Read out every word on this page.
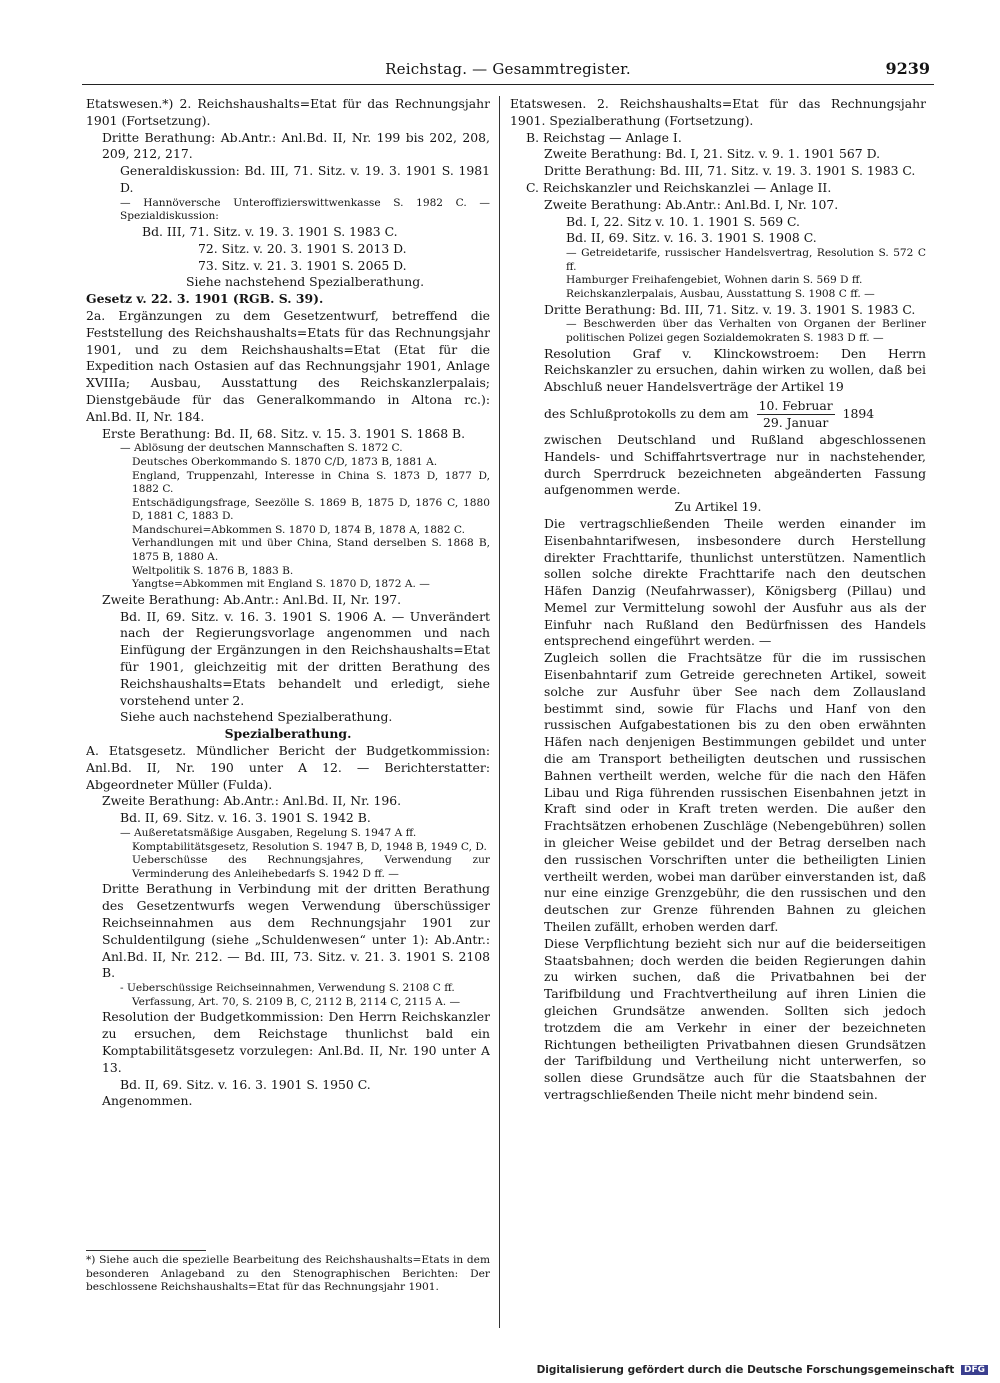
Reichstag. — Gesammtregister.	9239

Etatswesen.*) 2. Reichshaushalts=Etat für das Rechnungsjahr 1901 (Fortsetzung).

Dritte Berathung: Ab.Antr.: Anl.Bd. II, Nr. 199 bis 202, 208, 209, 212, 217.

Generaldiskussion: Bd. III, 71. Sitz. v. 19. 3. 1901 S. 1981 D.

— Hannöversche Unteroffizierswittwenkasse S. 1982 C. — Spezialdiskussion:

Bd. III, 71. Sitz. v. 19. 3. 1901 S. 1983 C.

72. Sitz. v. 20. 3. 1901 S. 2013 D.

73. Sitz. v. 21. 3. 1901 S. 2065 D.

Siehe nachstehend Spezialberathung.

Gesetz v. 22. 3. 1901 (RGB. S. 39).

2a. Ergänzungen zu dem Gesetzentwurf, betreffend die Feststellung des Reichshaushalts=Etats für das Rechnungsjahr 1901, und zu dem Reichshaushalts=Etat (Etat für die Expedition nach Ostasien auf das Rechnungsjahr 1901, Anlage XVIIIa; Ausbau, Ausstattung des Reichskanzlerpalais; Dienstgebäude für das Generalkommando in Altona rc.): Anl.Bd. II, Nr. 184.

Erste Berathung: Bd. II, 68. Sitz. v. 15. 3. 1901 S. 1868 B.

— Ablösung der deutschen Mannschaften S. 1872 C.

Deutsches Oberkommando S. 1870 C/D, 1873 B, 1881 A.

England, Truppenzahl, Interesse in China S. 1873 D, 1877 D, 1882 C.

Entschädigungsfrage, Seezölle S. 1869 B, 1875 D, 1876 C, 1880 D, 1881 C, 1883 D.

Mandschurei=Abkommen S. 1870 D, 1874 B, 1878 A, 1882 C.

Verhandlungen mit und über China, Stand derselben S. 1868 B, 1875 B, 1880 A.

Weltpolitik S. 1876 B, 1883 B.

Yangtse=Abkommen mit England S. 1870 D, 1872 A. —

Zweite Berathung: Ab.Antr.: Anl.Bd. II, Nr. 197.

Bd. II, 69. Sitz. v. 16. 3. 1901 S. 1906 A. — Unverändert nach der Regierungsvorlage angenommen und nach Einfügung der Ergänzungen in den Reichshaushalts=Etat für 1901, gleichzeitig mit der dritten Berathung des Reichshaushalts=Etats behandelt und erledigt, siehe vorstehend unter 2.

Siehe auch nachstehend Spezialberathung.

Spezialberathung.

A. Etatsgesetz. Mündlicher Bericht der Budgetkommission: Anl.Bd. II, Nr. 190 unter A 12. — Berichterstatter: Abgeordneter Müller (Fulda).

Zweite Berathung: Ab.Antr.: Anl.Bd. II, Nr. 196.

Bd. II, 69. Sitz. v. 16. 3. 1901 S. 1942 B.

— Außeretatsmäßige Ausgaben, Regelung S. 1947 A ff.

Komptabilitätsgesetz, Resolution S. 1947 B, D, 1948 B, 1949 C, D.

Ueberschüsse des Rechnungsjahres, Verwendung zur Verminderung des Anleihebedarfs S. 1942 D ff. —

Dritte Berathung in Verbindung mit der dritten Berathung des Gesetzentwurfs wegen Verwendung überschüssiger Reichseinnahmen aus dem Rechnungsjahr 1901 zur Schuldentilgung (siehe „Schuldenwesen“ unter 1): Ab.Antr.: Anl.Bd. II, Nr. 212. — Bd. III, 73. Sitz. v. 21. 3. 1901 S. 2108 B.

- Ueberschüssige Reichseinnahmen, Verwendung S. 2108 C ff.

Verfassung, Art. 70, S. 2109 B, C, 2112 B, 2114 C, 2115 A. —

Resolution der Budgetkommission: Den Herrn Reichskanzler zu ersuchen, dem Reichstage thunlichst bald ein Komptabilitätsgesetz vorzulegen: Anl.Bd. II, Nr. 190 unter A 13.

Bd. II, 69. Sitz. v. 16. 3. 1901 S. 1950 C.

Angenommen.

*) Siehe auch die spezielle Bearbeitung des Reichshaushalts=Etats in dem besonderen Anlageband zu den Stenographischen Berichten: Der beschlossene Reichshaushalts=Etat für das Rechnungsjahr 1901.

Etatswesen. 2. Reichshaushalts=Etat für das Rechnungsjahr 1901. Spezialberathung (Fortsetzung).

B. Reichstag — Anlage I.

Zweite Berathung: Bd. I, 21. Sitz. v. 9. 1. 1901 567 D.

Dritte Berathung: Bd. III, 71. Sitz. v. 19. 3. 1901 S. 1983 C.

C. Reichskanzler und Reichskanzlei — Anlage II.

Zweite Berathung: Ab.Antr.: Anl.Bd. I, Nr. 107.

Bd. I, 22. Sitz v. 10. 1. 1901 S. 569 C.

Bd. II, 69. Sitz. v. 16. 3. 1901 S. 1908 C.

— Getreidetarife, russischer Handelsvertrag, Resolution S. 572 C ff.

Hamburger Freihafengebiet, Wohnen darin S. 569 D ff.

Reichskanzlerpalais, Ausbau, Ausstattung S. 1908 C ff. —

Dritte Berathung: Bd. III, 71. Sitz. v. 19. 3. 1901 S. 1983 C.

— Beschwerden über das Verhalten von Organen der Berliner politischen Polizei gegen Sozialdemokraten S. 1983 D ff. —

Resolution Graf v. Klinckowstroem: Den Herrn Reichskanzler zu ersuchen, dahin wirken zu wollen, daß bei Abschluß neuer Handelsverträge der Artikel 19

des Schlußprotokolls zu dem am $\frac{\text{10. Februar}}{\text{29. Januar}} 1894$

zwischen Deutschland und Rußland abgeschlossenen Handels- und Schiffahrtsvertrage nur in nachstehender, durch Sperrdruck bezeichneten abgeänderten Fassung aufgenommen werde.

Zu Artikel 19.

Die vertragschließenden Theile werden einander im Eisenbahntarifwesen, insbesondere durch Herstellung direkter Frachttarife, thunlichst unterstützen. Namentlich sollen solche direkte Frachttarife nach den deutschen Häfen Danzig (Neufahrwasser), Königsberg (Pillau) und Memel zur Vermittelung sowohl der Ausfuhr aus als der Einfuhr nach Rußland den Bedürfnissen des Handels entsprechend eingeführt werden. —

Zugleich sollen die Frachtsätze für die im russischen Eisenbahntarif zum Getreide gerechneten Artikel, soweit solche zur Ausfuhr über See nach dem Zollausland bestimmt sind, sowie für Flachs und Hanf von den russischen Aufgabestationen bis zu den oben erwähnten Häfen nach denjenigen Bestimmungen gebildet und unter die am Transport betheiligten deutschen und russischen Bahnen vertheilt werden, welche für die nach den Häfen Libau und Riga führenden russischen Eisenbahnen jetzt in Kraft sind oder in Kraft treten werden. Die außer den Frachtsätzen erhobenen Zuschläge (Nebengebühren) sollen in gleicher Weise gebildet und der Betrag derselben nach den russischen Vorschriften unter die betheiligten Linien vertheilt werden, wobei man darüber einverstanden ist, daß nur eine einzige Grenzgebühr, die den russischen und den deutschen zur Grenze führenden Bahnen zu gleichen Theilen zufällt, erhoben werden darf.

Diese Verpflichtung bezieht sich nur auf die beiderseitigen Staatsbahnen; doch werden die beiden Regierungen dahin zu wirken suchen, daß die Privatbahnen bei der Tarifbildung und Frachtvertheilung auf ihren Linien die gleichen Grundsätze anwenden. Sollten sich jedoch trotzdem die am Verkehr in einer der bezeichneten Richtungen betheiligten Privatbahnen diesen Grundsätzen der Tarifbildung und Vertheilung nicht unterwerfen, so sollen diese Grundsätze auch für die Staatsbahnen der vertragschließenden Theile nicht mehr bindend sein.

Digitalisierung gefördert durch die Deutsche Forschungsgemeinschaft DFG
